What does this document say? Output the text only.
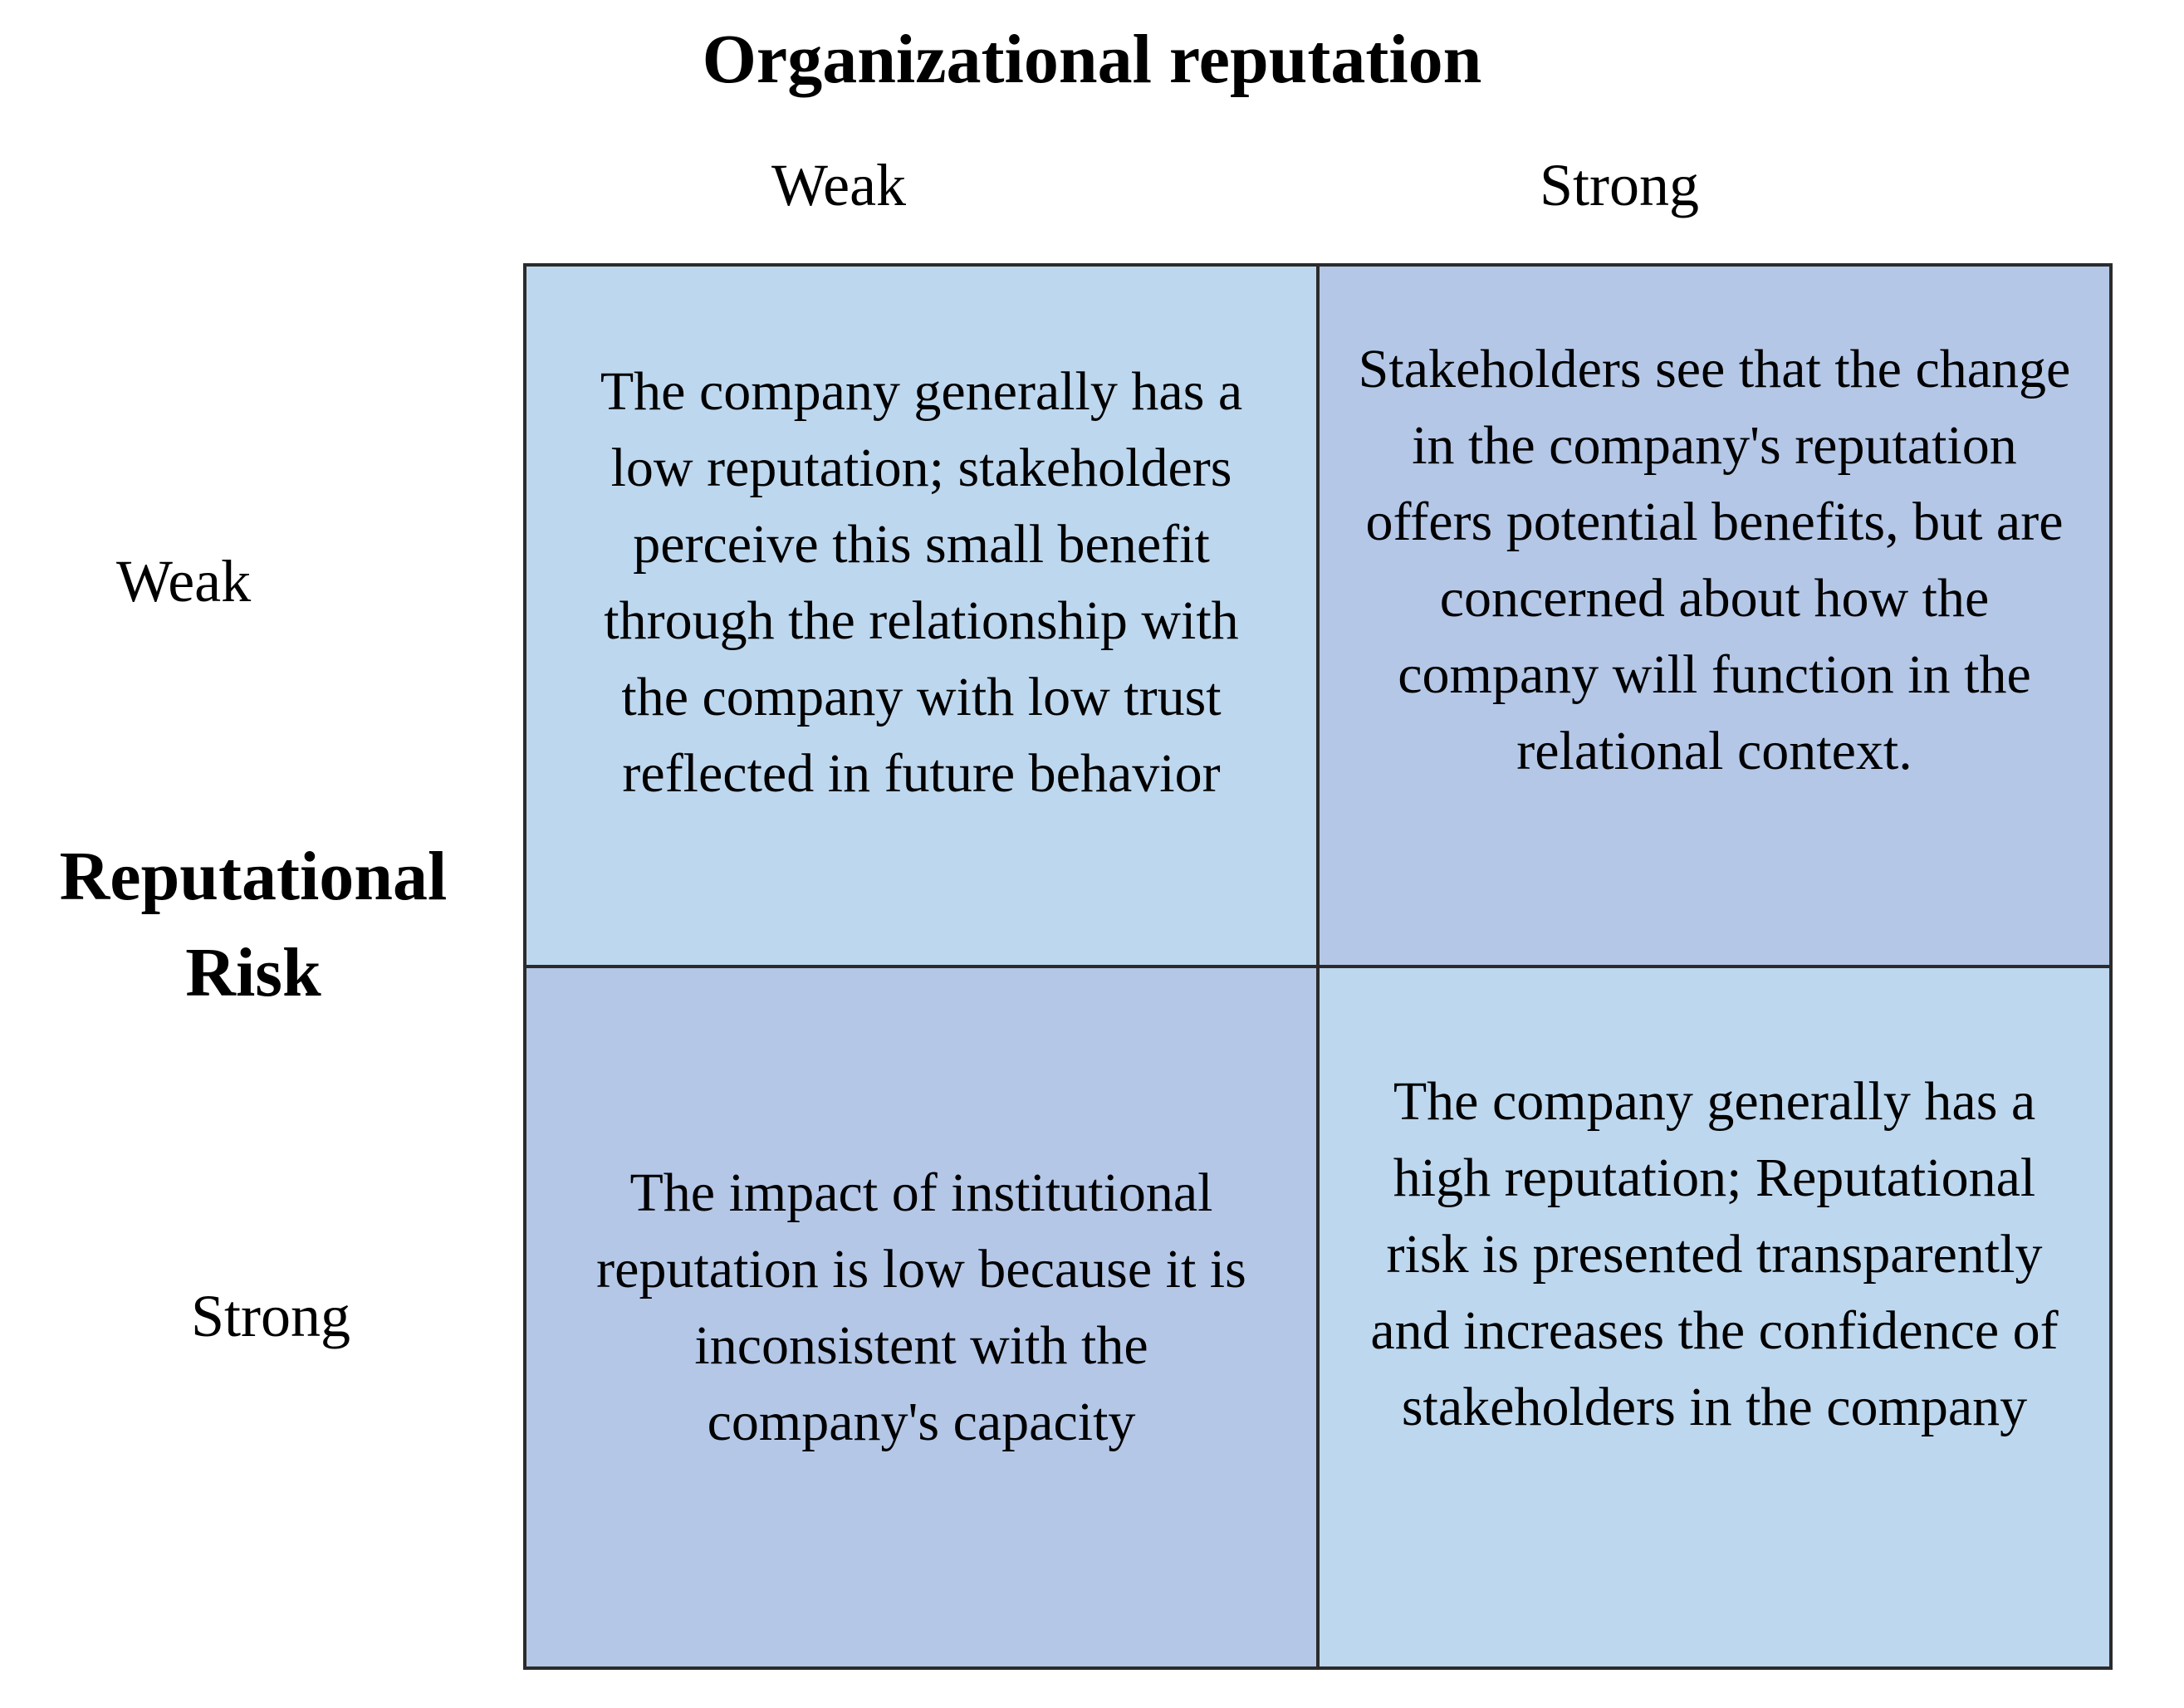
Organizational reputation
Weak	Strong
Weak
Reputational
Risk
Strong
The company generally has a low reputation; stakeholders perceive this small benefit through the relationship with the company with low trust reflected in future behavior
Stakeholders see that the change in the company's reputation offers potential benefits, but are concerned about how the company will function in the relational context.
The impact of institutional reputation is low because it is inconsistent with the company's capacity
The company generally has a high reputation; Reputational risk is presented transparently and increases the confidence of stakeholders in the company
